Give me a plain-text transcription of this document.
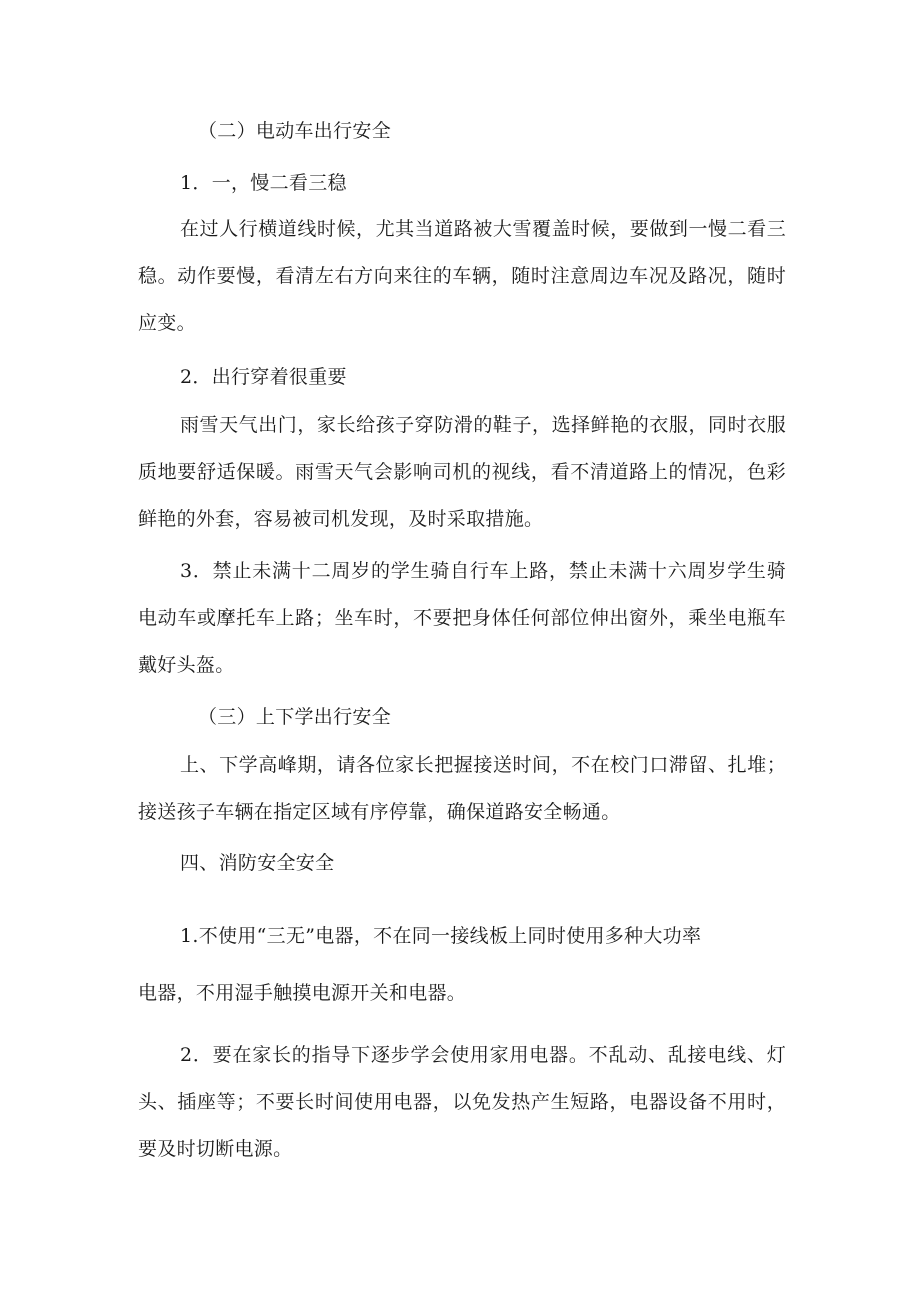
（二）电动车出行安全

1．一，慢二看三稳

在过人行横道线时候，尤其当道路被大雪覆盖时候，要做到一慢二看三稳。动作要慢，看清左右方向来往的车辆，随时注意周边车况及路况，随时应变。

2．出行穿着很重要

雨雪天气出门，家长给孩子穿防滑的鞋子，选择鲜艳的衣服，同时衣服质地要舒适保暖。雨雪天气会影响司机的视线，看不清道路上的情况，色彩鲜艳的外套，容易被司机发现，及时采取措施。

3．禁止未满十二周岁的学生骑自行车上路，禁止未满十六周岁学生骑电动车或摩托车上路；坐车时，不要把身体任何部位伸出窗外，乘坐电瓶车戴好头盔。

（三）上下学出行安全

上、下学高峰期，请各位家长把握接送时间，不在校门口滞留、扎堆；接送孩子车辆在指定区域有序停靠，确保道路安全畅通。

四、消防安全安全

1.不使用“三无”电器，不在同一接线板上同时使用多种大功率

电器，不用湿手触摸电源开关和电器。

2．要在家长的指导下逐步学会使用家用电器。不乱动、乱接电线、灯头、插座等；不要长时间使用电器，以免发热产生短路，电器设备不用时，要及时切断电源。
